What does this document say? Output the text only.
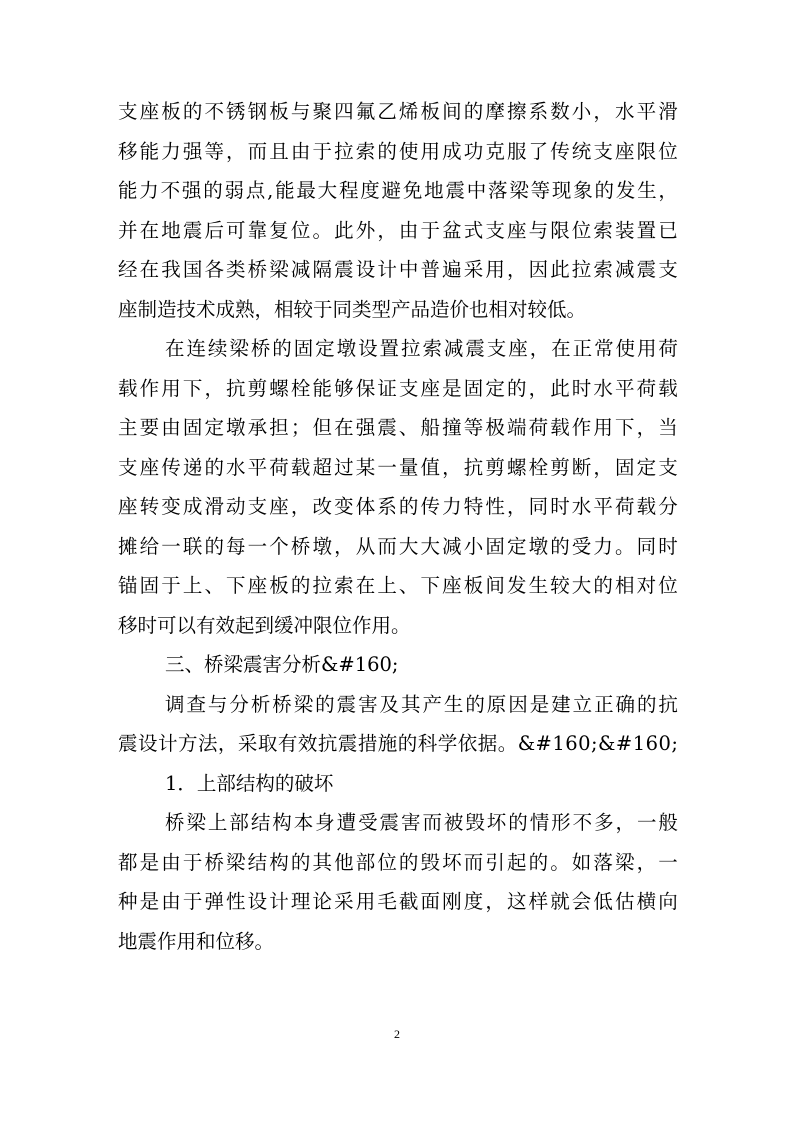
支 座 板 的 不 锈 钢 板 与 聚 四 氟 乙 烯 板 间 的 摩 擦 系 数 小 ， 水 平 滑
移 能 力 强 等 ， 而 且 由 于 拉 索 的 使 用 成 功 克 服 了 传 统 支 座 限 位
能 力 不 强 的 弱 点 , 能 最 大 程 度 避 免 地 震 中 落 梁 等 现 象 的 发 生 ，
并 在 地 震 后 可 靠 复 位 。 此 外 ， 由 于 盆 式 支 座 与 限 位 索 装 置 已
经 在 我 国 各 类 桥 梁 减 隔 震 设 计 中 普 遍 采 用 ， 因 此 拉 索 减 震 支
座制造技术成熟，相较于同类型产品造价也相对较低。
在 连 续 梁 桥 的 固 定 墩 设 置 拉 索 减 震 支 座 ， 在 正 常 使 用 荷
载 作 用 下 ， 抗 剪 螺 栓 能 够 保 证 支 座 是 固 定 的 ， 此 时 水 平 荷 载
主 要 由 固 定 墩 承 担 ； 但 在 强 震 、 船 撞 等 极 端 荷 载 作 用 下 ， 当
支 座 传 递 的 水 平 荷 载 超 过 某 一 量 值 ， 抗 剪 螺 栓 剪 断 ， 固 定 支
座 转 变 成 滑 动 支 座 ， 改 变 体 系 的 传 力 特 性 ， 同 时 水 平 荷 载 分
摊 给 一 联 的 每 一 个 桥 墩 ， 从 而 大 大 减 小 固 定 墩 的 受 力 。 同 时
锚 固 于 上 、 下 座 板 的 拉 索 在 上 、 下 座 板 间 发 生 较 大 的 相 对 位
移时可以有效起到缓冲限位作用。
三、桥梁震害分析&#160;
调 查 与 分 析 桥 梁 的 震 害 及 其 产 生 的 原 因 是 建 立 正 确 的 抗
震 设 计 方 法 ， 采 取 有 效 抗 震 措 施 的 科 学 依 据 。 & # 1 6 0 ; & # 1 6 0 ;
1．上部结构的破坏
桥 梁 上 部 结 构 本 身 遭 受 震 害 而 被 毁 坏 的 情 形 不 多 ， 一 般
都 是 由 于 桥 梁 结 构 的 其 他 部 位 的 毁 坏 而 引 起 的 。 如 落 梁 ， 一
种 是 由 于 弹 性 设 计 理 论 采 用 毛 截 面 刚 度 ， 这 样 就 会 低 估 横 向
地震作用和位移。
2
